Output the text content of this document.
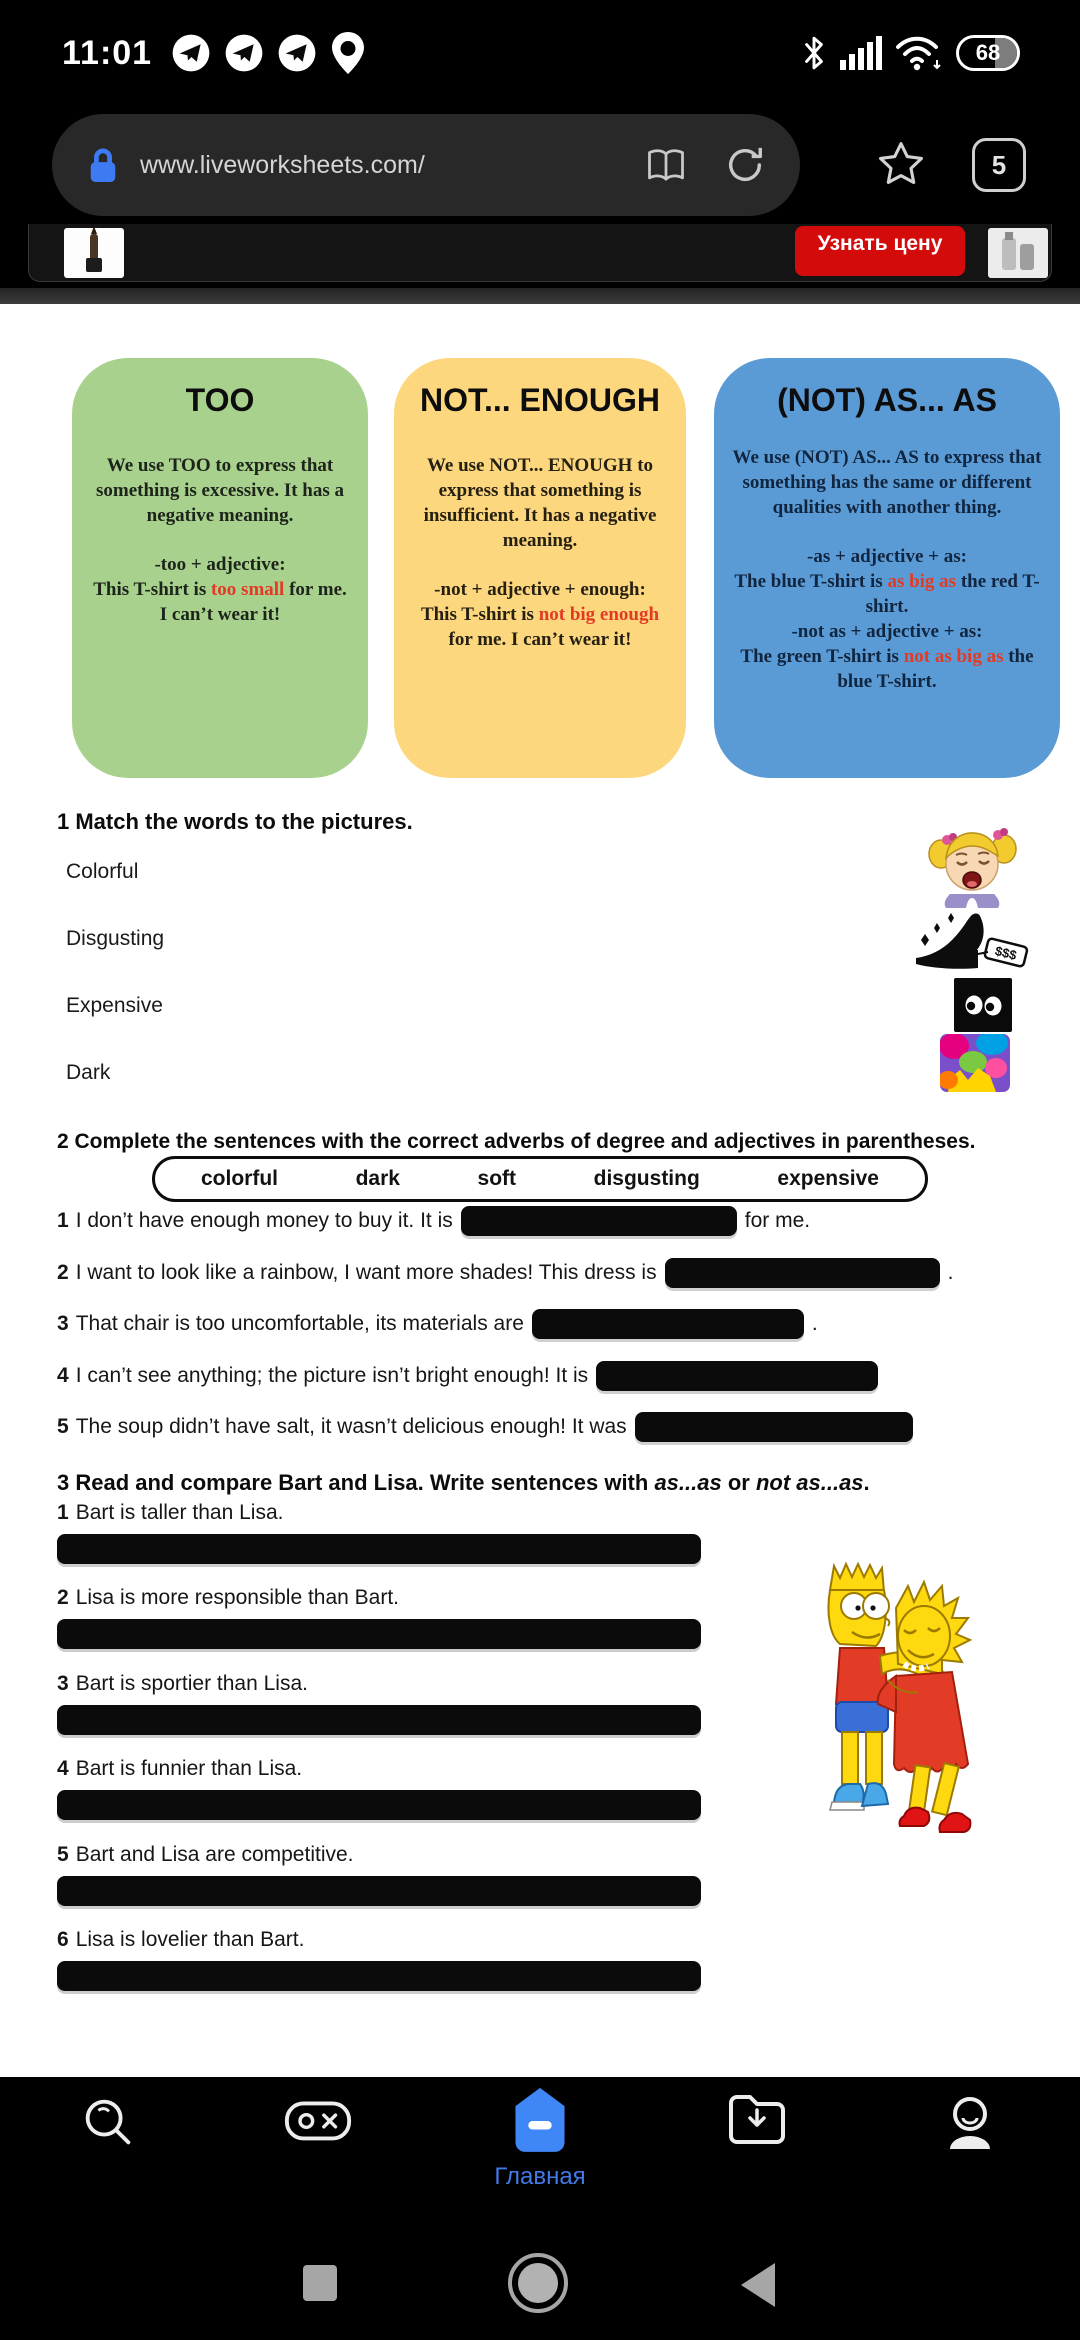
11:01	68
www.liveworksheets.com/	5
Узнать цену
TOO
We use TOO to express that something is excessive. It has a negative meaning.
-too + adjective:
This T-shirt is too small for me.
I can’t wear it!
NOT... ENOUGH
We use NOT... ENOUGH to express that something is insufficient. It has a negative meaning.
-not + adjective + enough:
This T-shirt is not big enough for me. I can’t wear it!
(NOT) AS... AS
We use (NOT) AS... AS to express that something has the same or different qualities with another thing.
-as + adjective + as:
The blue T-shirt is as big as the red T-shirt.
-not as + adjective + as:
The green T-shirt is not as big as the blue T-shirt.
1 Match the words to the pictures.
Colorful
Disgusting
Expensive
Dark
$$$
2 Complete the sentences with the correct adverbs of degree and adjectives in parentheses.
colorful	dark	soft	disgusting	expensive
1 I don’t have enough money to buy it. It is	for me.
2 I want to look like a rainbow, I want more shades! This dress is	.
3 That chair is too uncomfortable, its materials are	.
4 I can’t see anything; the picture isn’t bright enough! It is
5 The soup didn’t have salt, it wasn’t delicious enough! It was
3 Read and compare Bart and Lisa. Write sentences with as...as or not as...as.
1 Bart is taller than Lisa.
2 Lisa is more responsible than Bart.
3 Bart is sportier than Lisa.
4 Bart is funnier than Lisa.
5 Bart and Lisa are competitive.
6 Lisa is lovelier than Bart.
Главная
